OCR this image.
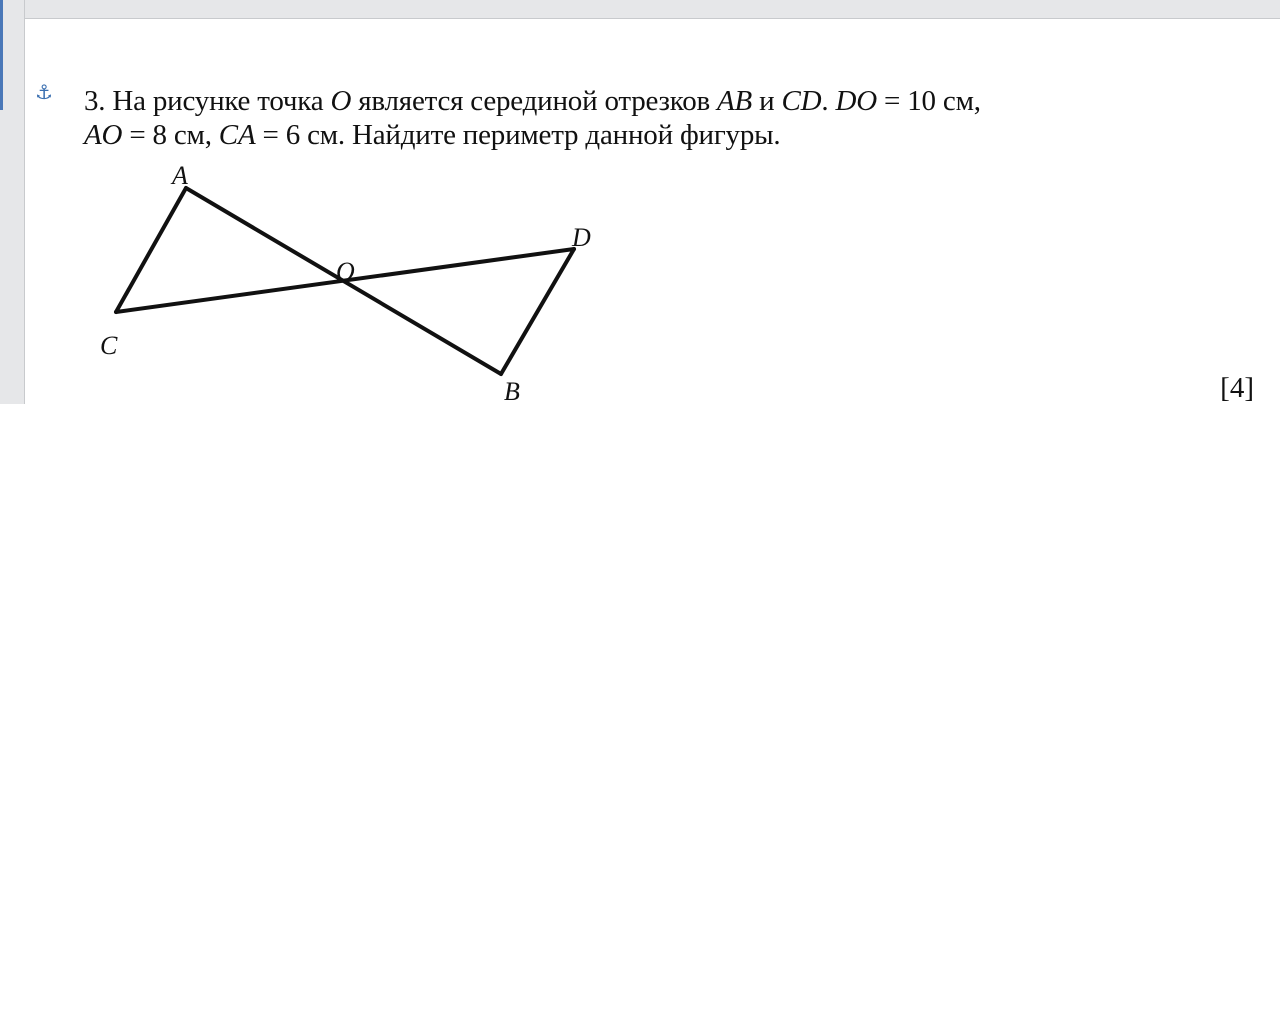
⚓ 3. На рисунке точка O является серединой отрезков AB и CD. DO = 10 см,
AO = 8 см, CA = 6 см. Найдите периметр данной фигуры.
A
D
O
C
B	[4]
